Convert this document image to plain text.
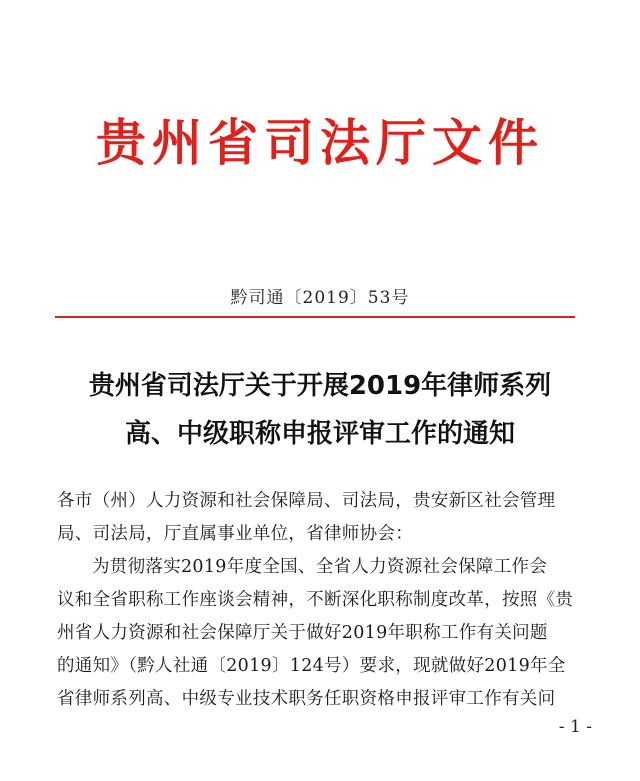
贵州省司法厅文件
黔司通〔2019〕53号
贵州省司法厅关于开展2019年律师系列
高、中级职称申报评审工作的通知
各市（州）人力资源和社会保障局、司法局，贵安新区社会管理
局、司法局，厅直属事业单位，省律师协会：
为贯彻落实2019年度全国、全省人力资源社会保障工作会
议和全省职称工作座谈会精神，不断深化职称制度改革，按照《贵
州省人力资源和社会保障厅关于做好2019年职称工作有关问题
的通知》（黔人社通〔2019〕124号）要求，现就做好2019年全
省律师系列高、中级专业技术职务任职资格申报评审工作有关问
- 1 -
